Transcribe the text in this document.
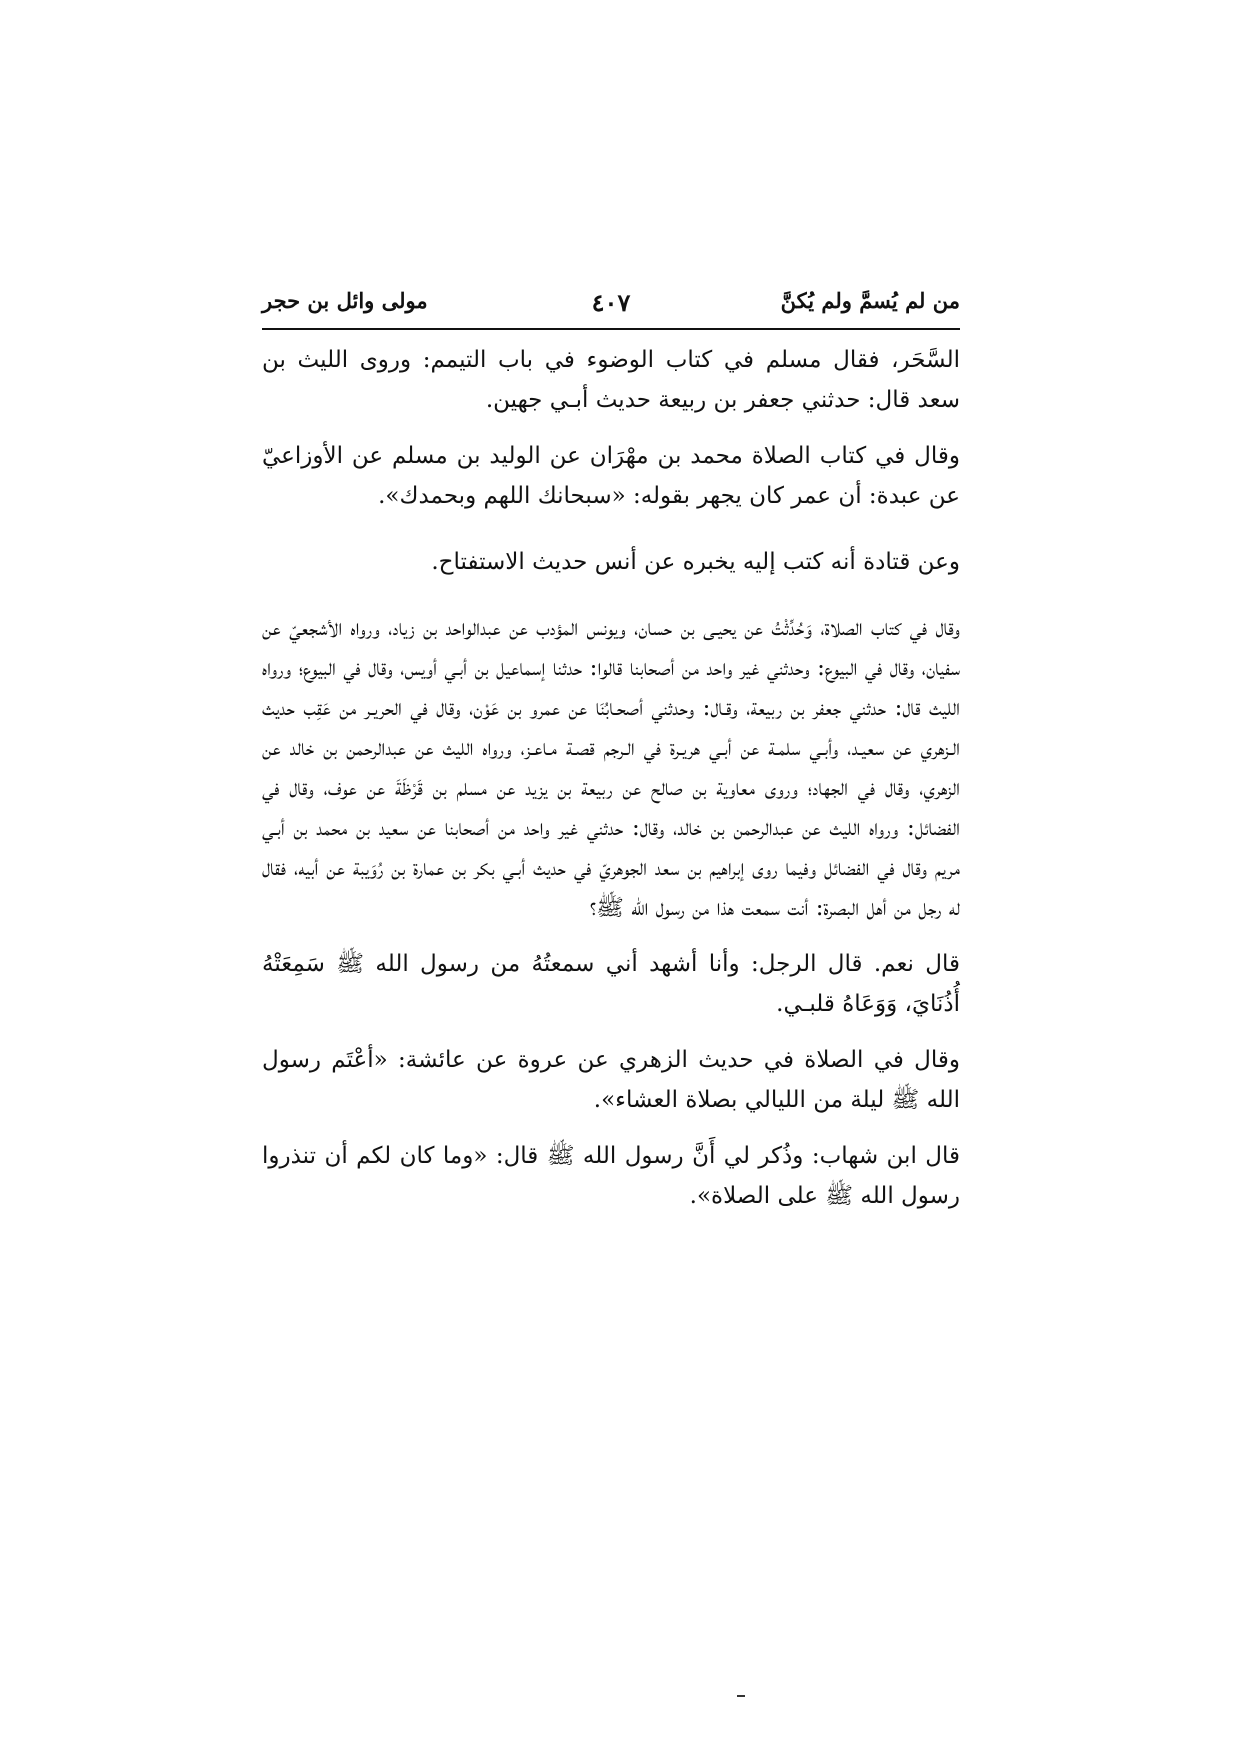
من لم يُسمَّ ولم يُكنَّ
٤٠٧
مولى وائل بن حجر

السَّحَر، فقال مسلم في كتاب الوضوء في باب التيمم: وروى الليث بن سعد قال: حدثني جعفر بن ربيعة حديث أبـي جهين.

وقال في كتاب الصلاة محمد بن مهْرَان عن الوليد بن مسلم عن الأوزاعيّ عن عبدة: أن عمر كان يجهر بقوله: «سبحانك اللهم وبحمدك».

وعن قتادة أنه كتب إليه يخبره عن أنس حديث الاستفتاح.

وقال في كتاب الصلاة، وَحُدِّثْتُ عن يحيـى بن حسان، ويونس المؤدب عن عبدالواحد بن زياد، ورواه الأشجعيّ عن سفيان، وقال في البيوع: وحدثني غير واحد من أصحابنا قالوا: حدثنا إسماعيل بن أبـي أويس، وقال في البيوع؛ ورواه الليث قال: حدثني جعفر بن ربيعة، وقـال: وحدثني أصحـابُنَا عن عمرو بن عَوْن، وقال في الحريـر من عَقِب حديث الـزهري عن سعيـد، وأبـي سلمـة عن أبـي هريـرة في الـرجم قصـة مـاعـز، ورواه الليث عن عبدالرحمن بن خالد عن الزهري، وقال في الجهاد؛ وروى معاوية بن صالح عن ربيعة بن يزيد عن مسلم بن قَرْظَةَ عن عوف، وقال في الفضائل: ورواه الليث عن عبدالرحمن بن خالد، وقال: حدثني غير واحد من أصحابنا عن سعيد بن محمد بن أبـي مريم وقال في الفضائل وفيما روى إبراهيم بن سعد الجوهريّ في حديث أبـي بكر بن عمارة بن رُوَيبة عن أبيه، فقال له رجل من أهل البصرة: أنت سمعت هذا من رسول الله ﷺ؟

قال نعم. قال الرجل: وأنا أشهد أني سمعتُهُ من رسول الله ﷺ سَمِعَتْهُ أُذُنَايَ، وَوَعَاهُ قلبـي.

وقال في الصلاة في حديث الزهري عن عروة عن عائشة: «أعْتَم رسول الله ﷺ ليلة من الليالي بصلاة العشاء».

قال ابن شهاب: وذُكر لي أَنَّ رسول الله ﷺ قال: «وما كان لكم أن تنذروا رسول الله ﷺ على الصلاة».
